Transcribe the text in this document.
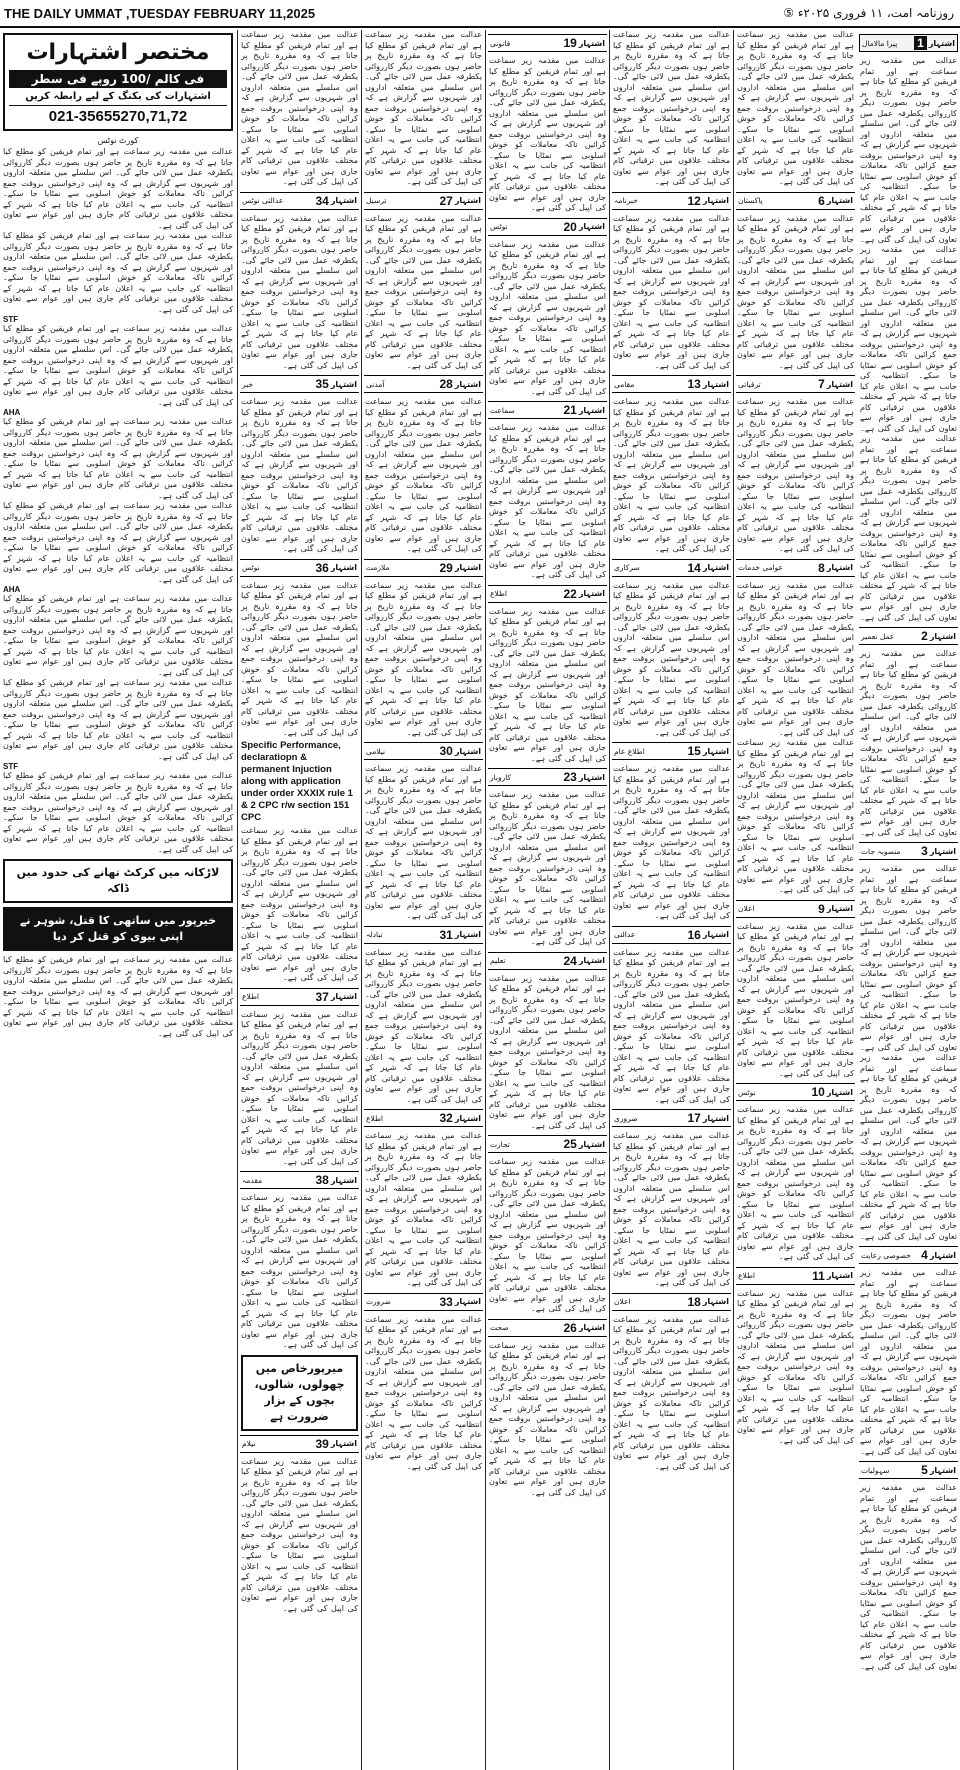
THE DAILY UMMAT ,TUESDAY FEBRUARY 11,2025	روزنامہ امت، ۱۱ فروری ۲۰۲۵ء ⑤
اشتہار
1
پیرا مالامال
عدالت میں مقدمہ زیر سماعت ہے اور تمام فریقین کو مطلع کیا جاتا ہے کہ وہ مقررہ تاریخ پر حاضر ہوں بصورت دیگر کارروائی یکطرفہ عمل میں لائی جائے گی۔ اس سلسلے میں متعلقہ اداروں اور شہریوں سے گزارش ہے کہ وہ اپنی درخواستیں بروقت جمع کرائیں تاکہ معاملات کو خوش اسلوبی سے نمٹایا جا سکے۔ انتظامیہ کی جانب سے یہ اعلان عام کیا جاتا ہے کہ شہر کے مختلف علاقوں میں ترقیاتی کام جاری ہیں اور عوام سے تعاون کی اپیل کی گئی ہے۔
عدالت میں مقدمہ زیر سماعت ہے اور تمام فریقین کو مطلع کیا جاتا ہے کہ وہ مقررہ تاریخ پر حاضر ہوں بصورت دیگر کارروائی یکطرفہ عمل میں لائی جائے گی۔ اس سلسلے میں متعلقہ اداروں اور شہریوں سے گزارش ہے کہ وہ اپنی درخواستیں بروقت جمع کرائیں تاکہ معاملات کو خوش اسلوبی سے نمٹایا جا سکے۔ انتظامیہ کی جانب سے یہ اعلان عام کیا جاتا ہے کہ شہر کے مختلف علاقوں میں ترقیاتی کام جاری ہیں اور عوام سے تعاون کی اپیل کی گئی ہے۔
عدالت میں مقدمہ زیر سماعت ہے اور تمام فریقین کو مطلع کیا جاتا ہے کہ وہ مقررہ تاریخ پر حاضر ہوں بصورت دیگر کارروائی یکطرفہ عمل میں لائی جائے گی۔ اس سلسلے میں متعلقہ اداروں اور شہریوں سے گزارش ہے کہ وہ اپنی درخواستیں بروقت جمع کرائیں تاکہ معاملات کو خوش اسلوبی سے نمٹایا جا سکے۔ انتظامیہ کی جانب سے یہ اعلان عام کیا جاتا ہے کہ شہر کے مختلف علاقوں میں ترقیاتی کام جاری ہیں اور عوام سے تعاون کی اپیل کی گئی ہے۔
اشتہار
2
عمل تعمیر
عدالت میں مقدمہ زیر سماعت ہے اور تمام فریقین کو مطلع کیا جاتا ہے کہ وہ مقررہ تاریخ پر حاضر ہوں بصورت دیگر کارروائی یکطرفہ عمل میں لائی جائے گی۔ اس سلسلے میں متعلقہ اداروں اور شہریوں سے گزارش ہے کہ وہ اپنی درخواستیں بروقت جمع کرائیں تاکہ معاملات کو خوش اسلوبی سے نمٹایا جا سکے۔ انتظامیہ کی جانب سے یہ اعلان عام کیا جاتا ہے کہ شہر کے مختلف علاقوں میں ترقیاتی کام جاری ہیں اور عوام سے تعاون کی اپیل کی گئی ہے۔
اشتہار
3
منصوبہ جات
عدالت میں مقدمہ زیر سماعت ہے اور تمام فریقین کو مطلع کیا جاتا ہے کہ وہ مقررہ تاریخ پر حاضر ہوں بصورت دیگر کارروائی یکطرفہ عمل میں لائی جائے گی۔ اس سلسلے میں متعلقہ اداروں اور شہریوں سے گزارش ہے کہ وہ اپنی درخواستیں بروقت جمع کرائیں تاکہ معاملات کو خوش اسلوبی سے نمٹایا جا سکے۔ انتظامیہ کی جانب سے یہ اعلان عام کیا جاتا ہے کہ شہر کے مختلف علاقوں میں ترقیاتی کام جاری ہیں اور عوام سے تعاون کی اپیل کی گئی ہے۔
عدالت میں مقدمہ زیر سماعت ہے اور تمام فریقین کو مطلع کیا جاتا ہے کہ وہ مقررہ تاریخ پر حاضر ہوں بصورت دیگر کارروائی یکطرفہ عمل میں لائی جائے گی۔ اس سلسلے میں متعلقہ اداروں اور شہریوں سے گزارش ہے کہ وہ اپنی درخواستیں بروقت جمع کرائیں تاکہ معاملات کو خوش اسلوبی سے نمٹایا جا سکے۔ انتظامیہ کی جانب سے یہ اعلان عام کیا جاتا ہے کہ شہر کے مختلف علاقوں میں ترقیاتی کام جاری ہیں اور عوام سے تعاون کی اپیل کی گئی ہے۔
اشتہار
4
خصوصی رعایت
عدالت میں مقدمہ زیر سماعت ہے اور تمام فریقین کو مطلع کیا جاتا ہے کہ وہ مقررہ تاریخ پر حاضر ہوں بصورت دیگر کارروائی یکطرفہ عمل میں لائی جائے گی۔ اس سلسلے میں متعلقہ اداروں اور شہریوں سے گزارش ہے کہ وہ اپنی درخواستیں بروقت جمع کرائیں تاکہ معاملات کو خوش اسلوبی سے نمٹایا جا سکے۔ انتظامیہ کی جانب سے یہ اعلان عام کیا جاتا ہے کہ شہر کے مختلف علاقوں میں ترقیاتی کام جاری ہیں اور عوام سے تعاون کی اپیل کی گئی ہے۔
اشتہار
5
سہولیات
عدالت میں مقدمہ زیر سماعت ہے اور تمام فریقین کو مطلع کیا جاتا ہے کہ وہ مقررہ تاریخ پر حاضر ہوں بصورت دیگر کارروائی یکطرفہ عمل میں لائی جائے گی۔ اس سلسلے میں متعلقہ اداروں اور شہریوں سے گزارش ہے کہ وہ اپنی درخواستیں بروقت جمع کرائیں تاکہ معاملات کو خوش اسلوبی سے نمٹایا جا سکے۔ انتظامیہ کی جانب سے یہ اعلان عام کیا جاتا ہے کہ شہر کے مختلف علاقوں میں ترقیاتی کام جاری ہیں اور عوام سے تعاون کی اپیل کی گئی ہے۔
عدالت میں مقدمہ زیر سماعت ہے اور تمام فریقین کو مطلع کیا جاتا ہے کہ وہ مقررہ تاریخ پر حاضر ہوں بصورت دیگر کارروائی یکطرفہ عمل میں لائی جائے گی۔ اس سلسلے میں متعلقہ اداروں اور شہریوں سے گزارش ہے کہ وہ اپنی درخواستیں بروقت جمع کرائیں تاکہ معاملات کو خوش اسلوبی سے نمٹایا جا سکے۔ انتظامیہ کی جانب سے یہ اعلان عام کیا جاتا ہے کہ شہر کے مختلف علاقوں میں ترقیاتی کام جاری ہیں اور عوام سے تعاون کی اپیل کی گئی ہے۔
اشتہار
6
پاکستان
عدالت میں مقدمہ زیر سماعت ہے اور تمام فریقین کو مطلع کیا جاتا ہے کہ وہ مقررہ تاریخ پر حاضر ہوں بصورت دیگر کارروائی یکطرفہ عمل میں لائی جائے گی۔ اس سلسلے میں متعلقہ اداروں اور شہریوں سے گزارش ہے کہ وہ اپنی درخواستیں بروقت جمع کرائیں تاکہ معاملات کو خوش اسلوبی سے نمٹایا جا سکے۔ انتظامیہ کی جانب سے یہ اعلان عام کیا جاتا ہے کہ شہر کے مختلف علاقوں میں ترقیاتی کام جاری ہیں اور عوام سے تعاون کی اپیل کی گئی ہے۔
اشتہار
7
ترقیاتی
عدالت میں مقدمہ زیر سماعت ہے اور تمام فریقین کو مطلع کیا جاتا ہے کہ وہ مقررہ تاریخ پر حاضر ہوں بصورت دیگر کارروائی یکطرفہ عمل میں لائی جائے گی۔ اس سلسلے میں متعلقہ اداروں اور شہریوں سے گزارش ہے کہ وہ اپنی درخواستیں بروقت جمع کرائیں تاکہ معاملات کو خوش اسلوبی سے نمٹایا جا سکے۔ انتظامیہ کی جانب سے یہ اعلان عام کیا جاتا ہے کہ شہر کے مختلف علاقوں میں ترقیاتی کام جاری ہیں اور عوام سے تعاون کی اپیل کی گئی ہے۔
اشتہار
8
عوامی خدمات
عدالت میں مقدمہ زیر سماعت ہے اور تمام فریقین کو مطلع کیا جاتا ہے کہ وہ مقررہ تاریخ پر حاضر ہوں بصورت دیگر کارروائی یکطرفہ عمل میں لائی جائے گی۔ اس سلسلے میں متعلقہ اداروں اور شہریوں سے گزارش ہے کہ وہ اپنی درخواستیں بروقت جمع کرائیں تاکہ معاملات کو خوش اسلوبی سے نمٹایا جا سکے۔ انتظامیہ کی جانب سے یہ اعلان عام کیا جاتا ہے کہ شہر کے مختلف علاقوں میں ترقیاتی کام جاری ہیں اور عوام سے تعاون کی اپیل کی گئی ہے۔
عدالت میں مقدمہ زیر سماعت ہے اور تمام فریقین کو مطلع کیا جاتا ہے کہ وہ مقررہ تاریخ پر حاضر ہوں بصورت دیگر کارروائی یکطرفہ عمل میں لائی جائے گی۔ اس سلسلے میں متعلقہ اداروں اور شہریوں سے گزارش ہے کہ وہ اپنی درخواستیں بروقت جمع کرائیں تاکہ معاملات کو خوش اسلوبی سے نمٹایا جا سکے۔ انتظامیہ کی جانب سے یہ اعلان عام کیا جاتا ہے کہ شہر کے مختلف علاقوں میں ترقیاتی کام جاری ہیں اور عوام سے تعاون کی اپیل کی گئی ہے۔
اشتہار
9
اعلان
عدالت میں مقدمہ زیر سماعت ہے اور تمام فریقین کو مطلع کیا جاتا ہے کہ وہ مقررہ تاریخ پر حاضر ہوں بصورت دیگر کارروائی یکطرفہ عمل میں لائی جائے گی۔ اس سلسلے میں متعلقہ اداروں اور شہریوں سے گزارش ہے کہ وہ اپنی درخواستیں بروقت جمع کرائیں تاکہ معاملات کو خوش اسلوبی سے نمٹایا جا سکے۔ انتظامیہ کی جانب سے یہ اعلان عام کیا جاتا ہے کہ شہر کے مختلف علاقوں میں ترقیاتی کام جاری ہیں اور عوام سے تعاون کی اپیل کی گئی ہے۔
اشتہار
10
نوٹس
عدالت میں مقدمہ زیر سماعت ہے اور تمام فریقین کو مطلع کیا جاتا ہے کہ وہ مقررہ تاریخ پر حاضر ہوں بصورت دیگر کارروائی یکطرفہ عمل میں لائی جائے گی۔ اس سلسلے میں متعلقہ اداروں اور شہریوں سے گزارش ہے کہ وہ اپنی درخواستیں بروقت جمع کرائیں تاکہ معاملات کو خوش اسلوبی سے نمٹایا جا سکے۔ انتظامیہ کی جانب سے یہ اعلان عام کیا جاتا ہے کہ شہر کے مختلف علاقوں میں ترقیاتی کام جاری ہیں اور عوام سے تعاون کی اپیل کی گئی ہے۔
اشتہار
11
اطلاع
عدالت میں مقدمہ زیر سماعت ہے اور تمام فریقین کو مطلع کیا جاتا ہے کہ وہ مقررہ تاریخ پر حاضر ہوں بصورت دیگر کارروائی یکطرفہ عمل میں لائی جائے گی۔ اس سلسلے میں متعلقہ اداروں اور شہریوں سے گزارش ہے کہ وہ اپنی درخواستیں بروقت جمع کرائیں تاکہ معاملات کو خوش اسلوبی سے نمٹایا جا سکے۔ انتظامیہ کی جانب سے یہ اعلان عام کیا جاتا ہے کہ شہر کے مختلف علاقوں میں ترقیاتی کام جاری ہیں اور عوام سے تعاون کی اپیل کی گئی ہے۔
عدالت میں مقدمہ زیر سماعت ہے اور تمام فریقین کو مطلع کیا جاتا ہے کہ وہ مقررہ تاریخ پر حاضر ہوں بصورت دیگر کارروائی یکطرفہ عمل میں لائی جائے گی۔ اس سلسلے میں متعلقہ اداروں اور شہریوں سے گزارش ہے کہ وہ اپنی درخواستیں بروقت جمع کرائیں تاکہ معاملات کو خوش اسلوبی سے نمٹایا جا سکے۔ انتظامیہ کی جانب سے یہ اعلان عام کیا جاتا ہے کہ شہر کے مختلف علاقوں میں ترقیاتی کام جاری ہیں اور عوام سے تعاون کی اپیل کی گئی ہے۔
اشتہار
12
خبرنامہ
عدالت میں مقدمہ زیر سماعت ہے اور تمام فریقین کو مطلع کیا جاتا ہے کہ وہ مقررہ تاریخ پر حاضر ہوں بصورت دیگر کارروائی یکطرفہ عمل میں لائی جائے گی۔ اس سلسلے میں متعلقہ اداروں اور شہریوں سے گزارش ہے کہ وہ اپنی درخواستیں بروقت جمع کرائیں تاکہ معاملات کو خوش اسلوبی سے نمٹایا جا سکے۔ انتظامیہ کی جانب سے یہ اعلان عام کیا جاتا ہے کہ شہر کے مختلف علاقوں میں ترقیاتی کام جاری ہیں اور عوام سے تعاون کی اپیل کی گئی ہے۔
اشتہار
13
مقامی
عدالت میں مقدمہ زیر سماعت ہے اور تمام فریقین کو مطلع کیا جاتا ہے کہ وہ مقررہ تاریخ پر حاضر ہوں بصورت دیگر کارروائی یکطرفہ عمل میں لائی جائے گی۔ اس سلسلے میں متعلقہ اداروں اور شہریوں سے گزارش ہے کہ وہ اپنی درخواستیں بروقت جمع کرائیں تاکہ معاملات کو خوش اسلوبی سے نمٹایا جا سکے۔ انتظامیہ کی جانب سے یہ اعلان عام کیا جاتا ہے کہ شہر کے مختلف علاقوں میں ترقیاتی کام جاری ہیں اور عوام سے تعاون کی اپیل کی گئی ہے۔
اشتہار
14
سرکاری
عدالت میں مقدمہ زیر سماعت ہے اور تمام فریقین کو مطلع کیا جاتا ہے کہ وہ مقررہ تاریخ پر حاضر ہوں بصورت دیگر کارروائی یکطرفہ عمل میں لائی جائے گی۔ اس سلسلے میں متعلقہ اداروں اور شہریوں سے گزارش ہے کہ وہ اپنی درخواستیں بروقت جمع کرائیں تاکہ معاملات کو خوش اسلوبی سے نمٹایا جا سکے۔ انتظامیہ کی جانب سے یہ اعلان عام کیا جاتا ہے کہ شہر کے مختلف علاقوں میں ترقیاتی کام جاری ہیں اور عوام سے تعاون کی اپیل کی گئی ہے۔
اشتہار
15
اطلاع عام
عدالت میں مقدمہ زیر سماعت ہے اور تمام فریقین کو مطلع کیا جاتا ہے کہ وہ مقررہ تاریخ پر حاضر ہوں بصورت دیگر کارروائی یکطرفہ عمل میں لائی جائے گی۔ اس سلسلے میں متعلقہ اداروں اور شہریوں سے گزارش ہے کہ وہ اپنی درخواستیں بروقت جمع کرائیں تاکہ معاملات کو خوش اسلوبی سے نمٹایا جا سکے۔ انتظامیہ کی جانب سے یہ اعلان عام کیا جاتا ہے کہ شہر کے مختلف علاقوں میں ترقیاتی کام جاری ہیں اور عوام سے تعاون کی اپیل کی گئی ہے۔
اشتہار
16
عدالتی
عدالت میں مقدمہ زیر سماعت ہے اور تمام فریقین کو مطلع کیا جاتا ہے کہ وہ مقررہ تاریخ پر حاضر ہوں بصورت دیگر کارروائی یکطرفہ عمل میں لائی جائے گی۔ اس سلسلے میں متعلقہ اداروں اور شہریوں سے گزارش ہے کہ وہ اپنی درخواستیں بروقت جمع کرائیں تاکہ معاملات کو خوش اسلوبی سے نمٹایا جا سکے۔ انتظامیہ کی جانب سے یہ اعلان عام کیا جاتا ہے کہ شہر کے مختلف علاقوں میں ترقیاتی کام جاری ہیں اور عوام سے تعاون کی اپیل کی گئی ہے۔
اشتہار
17
ضروری
عدالت میں مقدمہ زیر سماعت ہے اور تمام فریقین کو مطلع کیا جاتا ہے کہ وہ مقررہ تاریخ پر حاضر ہوں بصورت دیگر کارروائی یکطرفہ عمل میں لائی جائے گی۔ اس سلسلے میں متعلقہ اداروں اور شہریوں سے گزارش ہے کہ وہ اپنی درخواستیں بروقت جمع کرائیں تاکہ معاملات کو خوش اسلوبی سے نمٹایا جا سکے۔ انتظامیہ کی جانب سے یہ اعلان عام کیا جاتا ہے کہ شہر کے مختلف علاقوں میں ترقیاتی کام جاری ہیں اور عوام سے تعاون کی اپیل کی گئی ہے۔
اشتہار
18
اعلان
عدالت میں مقدمہ زیر سماعت ہے اور تمام فریقین کو مطلع کیا جاتا ہے کہ وہ مقررہ تاریخ پر حاضر ہوں بصورت دیگر کارروائی یکطرفہ عمل میں لائی جائے گی۔ اس سلسلے میں متعلقہ اداروں اور شہریوں سے گزارش ہے کہ وہ اپنی درخواستیں بروقت جمع کرائیں تاکہ معاملات کو خوش اسلوبی سے نمٹایا جا سکے۔ انتظامیہ کی جانب سے یہ اعلان عام کیا جاتا ہے کہ شہر کے مختلف علاقوں میں ترقیاتی کام جاری ہیں اور عوام سے تعاون کی اپیل کی گئی ہے۔
اشتہار
19
قانونی
عدالت میں مقدمہ زیر سماعت ہے اور تمام فریقین کو مطلع کیا جاتا ہے کہ وہ مقررہ تاریخ پر حاضر ہوں بصورت دیگر کارروائی یکطرفہ عمل میں لائی جائے گی۔ اس سلسلے میں متعلقہ اداروں اور شہریوں سے گزارش ہے کہ وہ اپنی درخواستیں بروقت جمع کرائیں تاکہ معاملات کو خوش اسلوبی سے نمٹایا جا سکے۔ انتظامیہ کی جانب سے یہ اعلان عام کیا جاتا ہے کہ شہر کے مختلف علاقوں میں ترقیاتی کام جاری ہیں اور عوام سے تعاون کی اپیل کی گئی ہے۔
اشتہار
20
نوٹس
عدالت میں مقدمہ زیر سماعت ہے اور تمام فریقین کو مطلع کیا جاتا ہے کہ وہ مقررہ تاریخ پر حاضر ہوں بصورت دیگر کارروائی یکطرفہ عمل میں لائی جائے گی۔ اس سلسلے میں متعلقہ اداروں اور شہریوں سے گزارش ہے کہ وہ اپنی درخواستیں بروقت جمع کرائیں تاکہ معاملات کو خوش اسلوبی سے نمٹایا جا سکے۔ انتظامیہ کی جانب سے یہ اعلان عام کیا جاتا ہے کہ شہر کے مختلف علاقوں میں ترقیاتی کام جاری ہیں اور عوام سے تعاون کی اپیل کی گئی ہے۔
اشتہار
21
سماعت
عدالت میں مقدمہ زیر سماعت ہے اور تمام فریقین کو مطلع کیا جاتا ہے کہ وہ مقررہ تاریخ پر حاضر ہوں بصورت دیگر کارروائی یکطرفہ عمل میں لائی جائے گی۔ اس سلسلے میں متعلقہ اداروں اور شہریوں سے گزارش ہے کہ وہ اپنی درخواستیں بروقت جمع کرائیں تاکہ معاملات کو خوش اسلوبی سے نمٹایا جا سکے۔ انتظامیہ کی جانب سے یہ اعلان عام کیا جاتا ہے کہ شہر کے مختلف علاقوں میں ترقیاتی کام جاری ہیں اور عوام سے تعاون کی اپیل کی گئی ہے۔
اشتہار
22
اطلاع
عدالت میں مقدمہ زیر سماعت ہے اور تمام فریقین کو مطلع کیا جاتا ہے کہ وہ مقررہ تاریخ پر حاضر ہوں بصورت دیگر کارروائی یکطرفہ عمل میں لائی جائے گی۔ اس سلسلے میں متعلقہ اداروں اور شہریوں سے گزارش ہے کہ وہ اپنی درخواستیں بروقت جمع کرائیں تاکہ معاملات کو خوش اسلوبی سے نمٹایا جا سکے۔ انتظامیہ کی جانب سے یہ اعلان عام کیا جاتا ہے کہ شہر کے مختلف علاقوں میں ترقیاتی کام جاری ہیں اور عوام سے تعاون کی اپیل کی گئی ہے۔
اشتہار
23
کاروبار
عدالت میں مقدمہ زیر سماعت ہے اور تمام فریقین کو مطلع کیا جاتا ہے کہ وہ مقررہ تاریخ پر حاضر ہوں بصورت دیگر کارروائی یکطرفہ عمل میں لائی جائے گی۔ اس سلسلے میں متعلقہ اداروں اور شہریوں سے گزارش ہے کہ وہ اپنی درخواستیں بروقت جمع کرائیں تاکہ معاملات کو خوش اسلوبی سے نمٹایا جا سکے۔ انتظامیہ کی جانب سے یہ اعلان عام کیا جاتا ہے کہ شہر کے مختلف علاقوں میں ترقیاتی کام جاری ہیں اور عوام سے تعاون کی اپیل کی گئی ہے۔
اشتہار
24
تعلیم
عدالت میں مقدمہ زیر سماعت ہے اور تمام فریقین کو مطلع کیا جاتا ہے کہ وہ مقررہ تاریخ پر حاضر ہوں بصورت دیگر کارروائی یکطرفہ عمل میں لائی جائے گی۔ اس سلسلے میں متعلقہ اداروں اور شہریوں سے گزارش ہے کہ وہ اپنی درخواستیں بروقت جمع کرائیں تاکہ معاملات کو خوش اسلوبی سے نمٹایا جا سکے۔ انتظامیہ کی جانب سے یہ اعلان عام کیا جاتا ہے کہ شہر کے مختلف علاقوں میں ترقیاتی کام جاری ہیں اور عوام سے تعاون کی اپیل کی گئی ہے۔
اشتہار
25
تجارت
عدالت میں مقدمہ زیر سماعت ہے اور تمام فریقین کو مطلع کیا جاتا ہے کہ وہ مقررہ تاریخ پر حاضر ہوں بصورت دیگر کارروائی یکطرفہ عمل میں لائی جائے گی۔ اس سلسلے میں متعلقہ اداروں اور شہریوں سے گزارش ہے کہ وہ اپنی درخواستیں بروقت جمع کرائیں تاکہ معاملات کو خوش اسلوبی سے نمٹایا جا سکے۔ انتظامیہ کی جانب سے یہ اعلان عام کیا جاتا ہے کہ شہر کے مختلف علاقوں میں ترقیاتی کام جاری ہیں اور عوام سے تعاون کی اپیل کی گئی ہے۔
اشتہار
26
صحت
عدالت میں مقدمہ زیر سماعت ہے اور تمام فریقین کو مطلع کیا جاتا ہے کہ وہ مقررہ تاریخ پر حاضر ہوں بصورت دیگر کارروائی یکطرفہ عمل میں لائی جائے گی۔ اس سلسلے میں متعلقہ اداروں اور شہریوں سے گزارش ہے کہ وہ اپنی درخواستیں بروقت جمع کرائیں تاکہ معاملات کو خوش اسلوبی سے نمٹایا جا سکے۔ انتظامیہ کی جانب سے یہ اعلان عام کیا جاتا ہے کہ شہر کے مختلف علاقوں میں ترقیاتی کام جاری ہیں اور عوام سے تعاون کی اپیل کی گئی ہے۔
عدالت میں مقدمہ زیر سماعت ہے اور تمام فریقین کو مطلع کیا جاتا ہے کہ وہ مقررہ تاریخ پر حاضر ہوں بصورت دیگر کارروائی یکطرفہ عمل میں لائی جائے گی۔ اس سلسلے میں متعلقہ اداروں اور شہریوں سے گزارش ہے کہ وہ اپنی درخواستیں بروقت جمع کرائیں تاکہ معاملات کو خوش اسلوبی سے نمٹایا جا سکے۔ انتظامیہ کی جانب سے یہ اعلان عام کیا جاتا ہے کہ شہر کے مختلف علاقوں میں ترقیاتی کام جاری ہیں اور عوام سے تعاون کی اپیل کی گئی ہے۔
اشتہار
27
ترسیل
عدالت میں مقدمہ زیر سماعت ہے اور تمام فریقین کو مطلع کیا جاتا ہے کہ وہ مقررہ تاریخ پر حاضر ہوں بصورت دیگر کارروائی یکطرفہ عمل میں لائی جائے گی۔ اس سلسلے میں متعلقہ اداروں اور شہریوں سے گزارش ہے کہ وہ اپنی درخواستیں بروقت جمع کرائیں تاکہ معاملات کو خوش اسلوبی سے نمٹایا جا سکے۔ انتظامیہ کی جانب سے یہ اعلان عام کیا جاتا ہے کہ شہر کے مختلف علاقوں میں ترقیاتی کام جاری ہیں اور عوام سے تعاون کی اپیل کی گئی ہے۔
اشتہار
28
آمدنی
عدالت میں مقدمہ زیر سماعت ہے اور تمام فریقین کو مطلع کیا جاتا ہے کہ وہ مقررہ تاریخ پر حاضر ہوں بصورت دیگر کارروائی یکطرفہ عمل میں لائی جائے گی۔ اس سلسلے میں متعلقہ اداروں اور شہریوں سے گزارش ہے کہ وہ اپنی درخواستیں بروقت جمع کرائیں تاکہ معاملات کو خوش اسلوبی سے نمٹایا جا سکے۔ انتظامیہ کی جانب سے یہ اعلان عام کیا جاتا ہے کہ شہر کے مختلف علاقوں میں ترقیاتی کام جاری ہیں اور عوام سے تعاون کی اپیل کی گئی ہے۔
اشتہار
29
ملازمت
عدالت میں مقدمہ زیر سماعت ہے اور تمام فریقین کو مطلع کیا جاتا ہے کہ وہ مقررہ تاریخ پر حاضر ہوں بصورت دیگر کارروائی یکطرفہ عمل میں لائی جائے گی۔ اس سلسلے میں متعلقہ اداروں اور شہریوں سے گزارش ہے کہ وہ اپنی درخواستیں بروقت جمع کرائیں تاکہ معاملات کو خوش اسلوبی سے نمٹایا جا سکے۔ انتظامیہ کی جانب سے یہ اعلان عام کیا جاتا ہے کہ شہر کے مختلف علاقوں میں ترقیاتی کام جاری ہیں اور عوام سے تعاون کی اپیل کی گئی ہے۔
اشتہار
30
نیلامی
عدالت میں مقدمہ زیر سماعت ہے اور تمام فریقین کو مطلع کیا جاتا ہے کہ وہ مقررہ تاریخ پر حاضر ہوں بصورت دیگر کارروائی یکطرفہ عمل میں لائی جائے گی۔ اس سلسلے میں متعلقہ اداروں اور شہریوں سے گزارش ہے کہ وہ اپنی درخواستیں بروقت جمع کرائیں تاکہ معاملات کو خوش اسلوبی سے نمٹایا جا سکے۔ انتظامیہ کی جانب سے یہ اعلان عام کیا جاتا ہے کہ شہر کے مختلف علاقوں میں ترقیاتی کام جاری ہیں اور عوام سے تعاون کی اپیل کی گئی ہے۔
اشتہار
31
تبادلہ
عدالت میں مقدمہ زیر سماعت ہے اور تمام فریقین کو مطلع کیا جاتا ہے کہ وہ مقررہ تاریخ پر حاضر ہوں بصورت دیگر کارروائی یکطرفہ عمل میں لائی جائے گی۔ اس سلسلے میں متعلقہ اداروں اور شہریوں سے گزارش ہے کہ وہ اپنی درخواستیں بروقت جمع کرائیں تاکہ معاملات کو خوش اسلوبی سے نمٹایا جا سکے۔ انتظامیہ کی جانب سے یہ اعلان عام کیا جاتا ہے کہ شہر کے مختلف علاقوں میں ترقیاتی کام جاری ہیں اور عوام سے تعاون کی اپیل کی گئی ہے۔
اشتہار
32
اطلاع
عدالت میں مقدمہ زیر سماعت ہے اور تمام فریقین کو مطلع کیا جاتا ہے کہ وہ مقررہ تاریخ پر حاضر ہوں بصورت دیگر کارروائی یکطرفہ عمل میں لائی جائے گی۔ اس سلسلے میں متعلقہ اداروں اور شہریوں سے گزارش ہے کہ وہ اپنی درخواستیں بروقت جمع کرائیں تاکہ معاملات کو خوش اسلوبی سے نمٹایا جا سکے۔ انتظامیہ کی جانب سے یہ اعلان عام کیا جاتا ہے کہ شہر کے مختلف علاقوں میں ترقیاتی کام جاری ہیں اور عوام سے تعاون کی اپیل کی گئی ہے۔
اشتہار
33
ضرورت
عدالت میں مقدمہ زیر سماعت ہے اور تمام فریقین کو مطلع کیا جاتا ہے کہ وہ مقررہ تاریخ پر حاضر ہوں بصورت دیگر کارروائی یکطرفہ عمل میں لائی جائے گی۔ اس سلسلے میں متعلقہ اداروں اور شہریوں سے گزارش ہے کہ وہ اپنی درخواستیں بروقت جمع کرائیں تاکہ معاملات کو خوش اسلوبی سے نمٹایا جا سکے۔ انتظامیہ کی جانب سے یہ اعلان عام کیا جاتا ہے کہ شہر کے مختلف علاقوں میں ترقیاتی کام جاری ہیں اور عوام سے تعاون کی اپیل کی گئی ہے۔
عدالت میں مقدمہ زیر سماعت ہے اور تمام فریقین کو مطلع کیا جاتا ہے کہ وہ مقررہ تاریخ پر حاضر ہوں بصورت دیگر کارروائی یکطرفہ عمل میں لائی جائے گی۔ اس سلسلے میں متعلقہ اداروں اور شہریوں سے گزارش ہے کہ وہ اپنی درخواستیں بروقت جمع کرائیں تاکہ معاملات کو خوش اسلوبی سے نمٹایا جا سکے۔ انتظامیہ کی جانب سے یہ اعلان عام کیا جاتا ہے کہ شہر کے مختلف علاقوں میں ترقیاتی کام جاری ہیں اور عوام سے تعاون کی اپیل کی گئی ہے۔
اشتہار
34
عدالتی نوٹس
عدالت میں مقدمہ زیر سماعت ہے اور تمام فریقین کو مطلع کیا جاتا ہے کہ وہ مقررہ تاریخ پر حاضر ہوں بصورت دیگر کارروائی یکطرفہ عمل میں لائی جائے گی۔ اس سلسلے میں متعلقہ اداروں اور شہریوں سے گزارش ہے کہ وہ اپنی درخواستیں بروقت جمع کرائیں تاکہ معاملات کو خوش اسلوبی سے نمٹایا جا سکے۔ انتظامیہ کی جانب سے یہ اعلان عام کیا جاتا ہے کہ شہر کے مختلف علاقوں میں ترقیاتی کام جاری ہیں اور عوام سے تعاون کی اپیل کی گئی ہے۔
اشتہار
35
خبر
عدالت میں مقدمہ زیر سماعت ہے اور تمام فریقین کو مطلع کیا جاتا ہے کہ وہ مقررہ تاریخ پر حاضر ہوں بصورت دیگر کارروائی یکطرفہ عمل میں لائی جائے گی۔ اس سلسلے میں متعلقہ اداروں اور شہریوں سے گزارش ہے کہ وہ اپنی درخواستیں بروقت جمع کرائیں تاکہ معاملات کو خوش اسلوبی سے نمٹایا جا سکے۔ انتظامیہ کی جانب سے یہ اعلان عام کیا جاتا ہے کہ شہر کے مختلف علاقوں میں ترقیاتی کام جاری ہیں اور عوام سے تعاون کی اپیل کی گئی ہے۔
اشتہار
36
نوٹس
عدالت میں مقدمہ زیر سماعت ہے اور تمام فریقین کو مطلع کیا جاتا ہے کہ وہ مقررہ تاریخ پر حاضر ہوں بصورت دیگر کارروائی یکطرفہ عمل میں لائی جائے گی۔ اس سلسلے میں متعلقہ اداروں اور شہریوں سے گزارش ہے کہ وہ اپنی درخواستیں بروقت جمع کرائیں تاکہ معاملات کو خوش اسلوبی سے نمٹایا جا سکے۔ انتظامیہ کی جانب سے یہ اعلان عام کیا جاتا ہے کہ شہر کے مختلف علاقوں میں ترقیاتی کام جاری ہیں اور عوام سے تعاون کی اپیل کی گئی ہے۔
Specific Performance, declaratiopn & permanent Injuction along with application under order XXXIX rule 1 & 2 CPC r/w section 151 CPC
عدالت میں مقدمہ زیر سماعت ہے اور تمام فریقین کو مطلع کیا جاتا ہے کہ وہ مقررہ تاریخ پر حاضر ہوں بصورت دیگر کارروائی یکطرفہ عمل میں لائی جائے گی۔ اس سلسلے میں متعلقہ اداروں اور شہریوں سے گزارش ہے کہ وہ اپنی درخواستیں بروقت جمع کرائیں تاکہ معاملات کو خوش اسلوبی سے نمٹایا جا سکے۔ انتظامیہ کی جانب سے یہ اعلان عام کیا جاتا ہے کہ شہر کے مختلف علاقوں میں ترقیاتی کام جاری ہیں اور عوام سے تعاون کی اپیل کی گئی ہے۔
اشتہار
37
اطلاع
عدالت میں مقدمہ زیر سماعت ہے اور تمام فریقین کو مطلع کیا جاتا ہے کہ وہ مقررہ تاریخ پر حاضر ہوں بصورت دیگر کارروائی یکطرفہ عمل میں لائی جائے گی۔ اس سلسلے میں متعلقہ اداروں اور شہریوں سے گزارش ہے کہ وہ اپنی درخواستیں بروقت جمع کرائیں تاکہ معاملات کو خوش اسلوبی سے نمٹایا جا سکے۔ انتظامیہ کی جانب سے یہ اعلان عام کیا جاتا ہے کہ شہر کے مختلف علاقوں میں ترقیاتی کام جاری ہیں اور عوام سے تعاون کی اپیل کی گئی ہے۔
اشتہار
38
مقدمہ
عدالت میں مقدمہ زیر سماعت ہے اور تمام فریقین کو مطلع کیا جاتا ہے کہ وہ مقررہ تاریخ پر حاضر ہوں بصورت دیگر کارروائی یکطرفہ عمل میں لائی جائے گی۔ اس سلسلے میں متعلقہ اداروں اور شہریوں سے گزارش ہے کہ وہ اپنی درخواستیں بروقت جمع کرائیں تاکہ معاملات کو خوش اسلوبی سے نمٹایا جا سکے۔ انتظامیہ کی جانب سے یہ اعلان عام کیا جاتا ہے کہ شہر کے مختلف علاقوں میں ترقیاتی کام جاری ہیں اور عوام سے تعاون کی اپیل کی گئی ہے۔
میرپورخاص میں چھولوں، شالوں، بچوں کے بزار ضرورت ہے
اشتہار
39
نیلام
عدالت میں مقدمہ زیر سماعت ہے اور تمام فریقین کو مطلع کیا جاتا ہے کہ وہ مقررہ تاریخ پر حاضر ہوں بصورت دیگر کارروائی یکطرفہ عمل میں لائی جائے گی۔ اس سلسلے میں متعلقہ اداروں اور شہریوں سے گزارش ہے کہ وہ اپنی درخواستیں بروقت جمع کرائیں تاکہ معاملات کو خوش اسلوبی سے نمٹایا جا سکے۔ انتظامیہ کی جانب سے یہ اعلان عام کیا جاتا ہے کہ شہر کے مختلف علاقوں میں ترقیاتی کام جاری ہیں اور عوام سے تعاون کی اپیل کی گئی ہے۔
مختصر اشتہارات
فی کالم /100 روپے فی سطر
اشتہارات کی بکنگ کے لیے رابطہ کریں
021-35655270,71,72
کورٹ نوٹس
عدالت میں مقدمہ زیر سماعت ہے اور تمام فریقین کو مطلع کیا جاتا ہے کہ وہ مقررہ تاریخ پر حاضر ہوں بصورت دیگر کارروائی یکطرفہ عمل میں لائی جائے گی۔ اس سلسلے میں متعلقہ اداروں اور شہریوں سے گزارش ہے کہ وہ اپنی درخواستیں بروقت جمع کرائیں تاکہ معاملات کو خوش اسلوبی سے نمٹایا جا سکے۔ انتظامیہ کی جانب سے یہ اعلان عام کیا جاتا ہے کہ شہر کے مختلف علاقوں میں ترقیاتی کام جاری ہیں اور عوام سے تعاون کی اپیل کی گئی ہے۔
عدالت میں مقدمہ زیر سماعت ہے اور تمام فریقین کو مطلع کیا جاتا ہے کہ وہ مقررہ تاریخ پر حاضر ہوں بصورت دیگر کارروائی یکطرفہ عمل میں لائی جائے گی۔ اس سلسلے میں متعلقہ اداروں اور شہریوں سے گزارش ہے کہ وہ اپنی درخواستیں بروقت جمع کرائیں تاکہ معاملات کو خوش اسلوبی سے نمٹایا جا سکے۔ انتظامیہ کی جانب سے یہ اعلان عام کیا جاتا ہے کہ شہر کے مختلف علاقوں میں ترقیاتی کام جاری ہیں اور عوام سے تعاون کی اپیل کی گئی ہے۔
STF
عدالت میں مقدمہ زیر سماعت ہے اور تمام فریقین کو مطلع کیا جاتا ہے کہ وہ مقررہ تاریخ پر حاضر ہوں بصورت دیگر کارروائی یکطرفہ عمل میں لائی جائے گی۔ اس سلسلے میں متعلقہ اداروں اور شہریوں سے گزارش ہے کہ وہ اپنی درخواستیں بروقت جمع کرائیں تاکہ معاملات کو خوش اسلوبی سے نمٹایا جا سکے۔ انتظامیہ کی جانب سے یہ اعلان عام کیا جاتا ہے کہ شہر کے مختلف علاقوں میں ترقیاتی کام جاری ہیں اور عوام سے تعاون کی اپیل کی گئی ہے۔
AHA
عدالت میں مقدمہ زیر سماعت ہے اور تمام فریقین کو مطلع کیا جاتا ہے کہ وہ مقررہ تاریخ پر حاضر ہوں بصورت دیگر کارروائی یکطرفہ عمل میں لائی جائے گی۔ اس سلسلے میں متعلقہ اداروں اور شہریوں سے گزارش ہے کہ وہ اپنی درخواستیں بروقت جمع کرائیں تاکہ معاملات کو خوش اسلوبی سے نمٹایا جا سکے۔ انتظامیہ کی جانب سے یہ اعلان عام کیا جاتا ہے کہ شہر کے مختلف علاقوں میں ترقیاتی کام جاری ہیں اور عوام سے تعاون کی اپیل کی گئی ہے۔
عدالت میں مقدمہ زیر سماعت ہے اور تمام فریقین کو مطلع کیا جاتا ہے کہ وہ مقررہ تاریخ پر حاضر ہوں بصورت دیگر کارروائی یکطرفہ عمل میں لائی جائے گی۔ اس سلسلے میں متعلقہ اداروں اور شہریوں سے گزارش ہے کہ وہ اپنی درخواستیں بروقت جمع کرائیں تاکہ معاملات کو خوش اسلوبی سے نمٹایا جا سکے۔ انتظامیہ کی جانب سے یہ اعلان عام کیا جاتا ہے کہ شہر کے مختلف علاقوں میں ترقیاتی کام جاری ہیں اور عوام سے تعاون کی اپیل کی گئی ہے۔
AHA
عدالت میں مقدمہ زیر سماعت ہے اور تمام فریقین کو مطلع کیا جاتا ہے کہ وہ مقررہ تاریخ پر حاضر ہوں بصورت دیگر کارروائی یکطرفہ عمل میں لائی جائے گی۔ اس سلسلے میں متعلقہ اداروں اور شہریوں سے گزارش ہے کہ وہ اپنی درخواستیں بروقت جمع کرائیں تاکہ معاملات کو خوش اسلوبی سے نمٹایا جا سکے۔ انتظامیہ کی جانب سے یہ اعلان عام کیا جاتا ہے کہ شہر کے مختلف علاقوں میں ترقیاتی کام جاری ہیں اور عوام سے تعاون کی اپیل کی گئی ہے۔
عدالت میں مقدمہ زیر سماعت ہے اور تمام فریقین کو مطلع کیا جاتا ہے کہ وہ مقررہ تاریخ پر حاضر ہوں بصورت دیگر کارروائی یکطرفہ عمل میں لائی جائے گی۔ اس سلسلے میں متعلقہ اداروں اور شہریوں سے گزارش ہے کہ وہ اپنی درخواستیں بروقت جمع کرائیں تاکہ معاملات کو خوش اسلوبی سے نمٹایا جا سکے۔ انتظامیہ کی جانب سے یہ اعلان عام کیا جاتا ہے کہ شہر کے مختلف علاقوں میں ترقیاتی کام جاری ہیں اور عوام سے تعاون کی اپیل کی گئی ہے۔
STF
عدالت میں مقدمہ زیر سماعت ہے اور تمام فریقین کو مطلع کیا جاتا ہے کہ وہ مقررہ تاریخ پر حاضر ہوں بصورت دیگر کارروائی یکطرفہ عمل میں لائی جائے گی۔ اس سلسلے میں متعلقہ اداروں اور شہریوں سے گزارش ہے کہ وہ اپنی درخواستیں بروقت جمع کرائیں تاکہ معاملات کو خوش اسلوبی سے نمٹایا جا سکے۔ انتظامیہ کی جانب سے یہ اعلان عام کیا جاتا ہے کہ شہر کے مختلف علاقوں میں ترقیاتی کام جاری ہیں اور عوام سے تعاون کی اپیل کی گئی ہے۔
لاڑکانہ میں کرکٹ تھانے کی حدود میں ڈاکہ
خیرپور میں ساتھی کا قتل، شوہر نے اپنی بیوی کو قتل کر دیا
عدالت میں مقدمہ زیر سماعت ہے اور تمام فریقین کو مطلع کیا جاتا ہے کہ وہ مقررہ تاریخ پر حاضر ہوں بصورت دیگر کارروائی یکطرفہ عمل میں لائی جائے گی۔ اس سلسلے میں متعلقہ اداروں اور شہریوں سے گزارش ہے کہ وہ اپنی درخواستیں بروقت جمع کرائیں تاکہ معاملات کو خوش اسلوبی سے نمٹایا جا سکے۔ انتظامیہ کی جانب سے یہ اعلان عام کیا جاتا ہے کہ شہر کے مختلف علاقوں میں ترقیاتی کام جاری ہیں اور عوام سے تعاون کی اپیل کی گئی ہے۔
